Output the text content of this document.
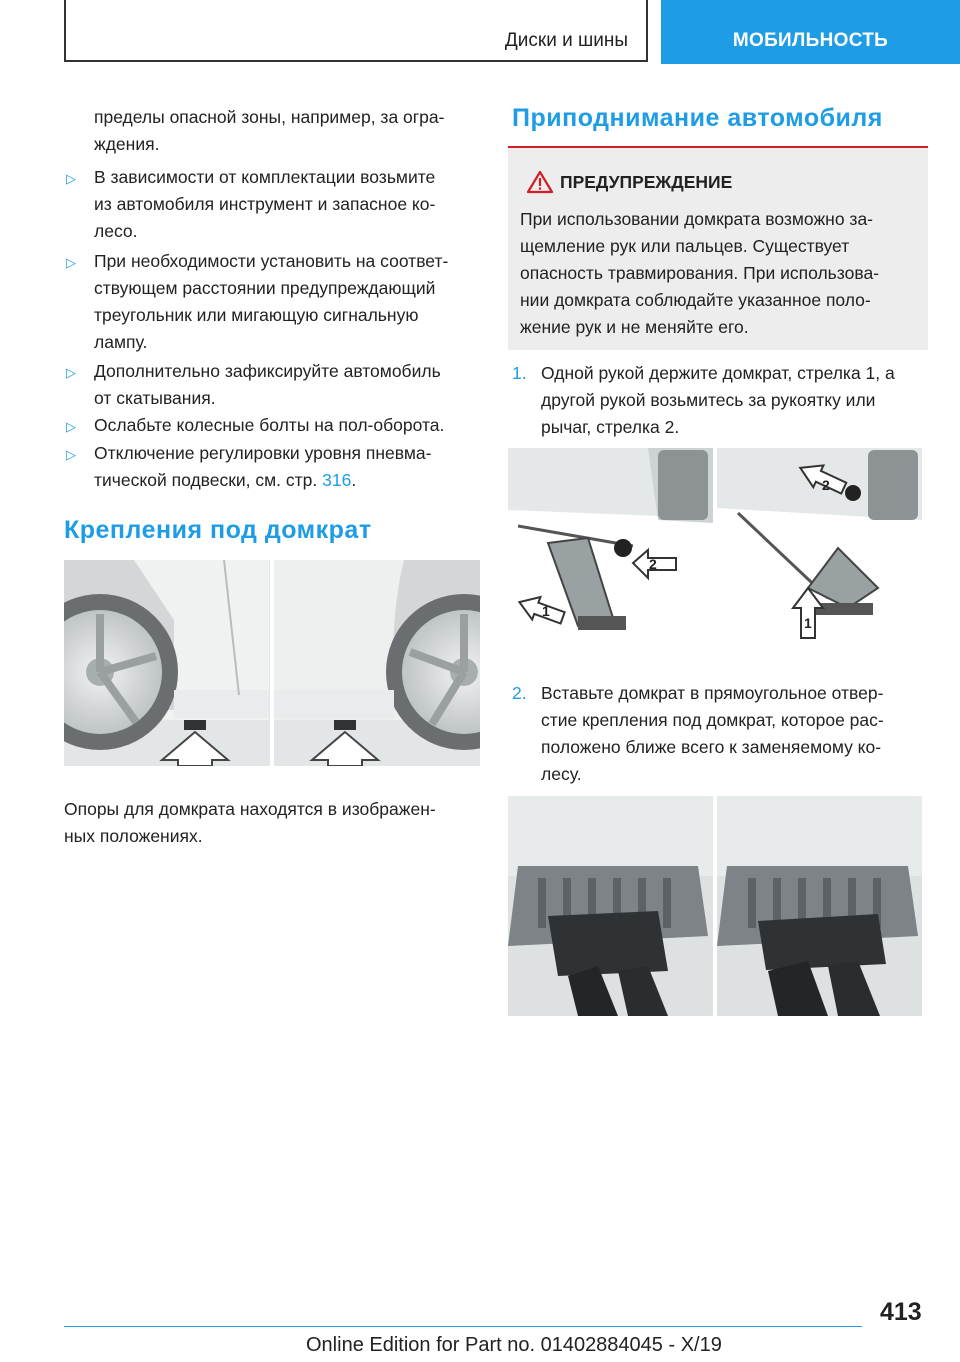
Диски и шины	МОБИЛЬНОСТЬ
пределы опасной зоны, например, за огра-
ждения.
▷ В зависимости от комплектации возьмите
из автомобиля инструмент и запасное ко-
лесо.
▷ При необходимости установить на соответ-
ствующем расстоянии предупреждающий
треугольник или мигающую сигнальную
лампу.
▷ Дополнительно зафиксируйте автомобиль
от скатывания.
▷ Ослабьте колесные болты на пол-оборота.
▷ Отключение регулировки уровня пневма-
тической подвески, см. стр. 316.
Крепления под домкрат
Опоры для домкрата находятся в изображен-
ных положениях.
Приподнимание автомобиля
ПРЕДУПРЕЖДЕНИЕ
При использовании домкрата возможно за-
щемление рук или пальцев. Существует
опасность травмирования. При использова-
нии домкрата соблюдайте указанное поло-
жение рук и не меняйте его.
1. Одной рукой держите домкрат, стрелка 1, а
другой рукой возьмитесь за рукоятку или
рычаг, стрелка 2.
2
1
2
1
2. Вставьте домкрат в прямоугольное отвер-
стие крепления под домкрат, которое рас-
положено ближе всего к заменяемому ко-
лесу.
413
Online Edition for Part no. 01402884045 - X/19
